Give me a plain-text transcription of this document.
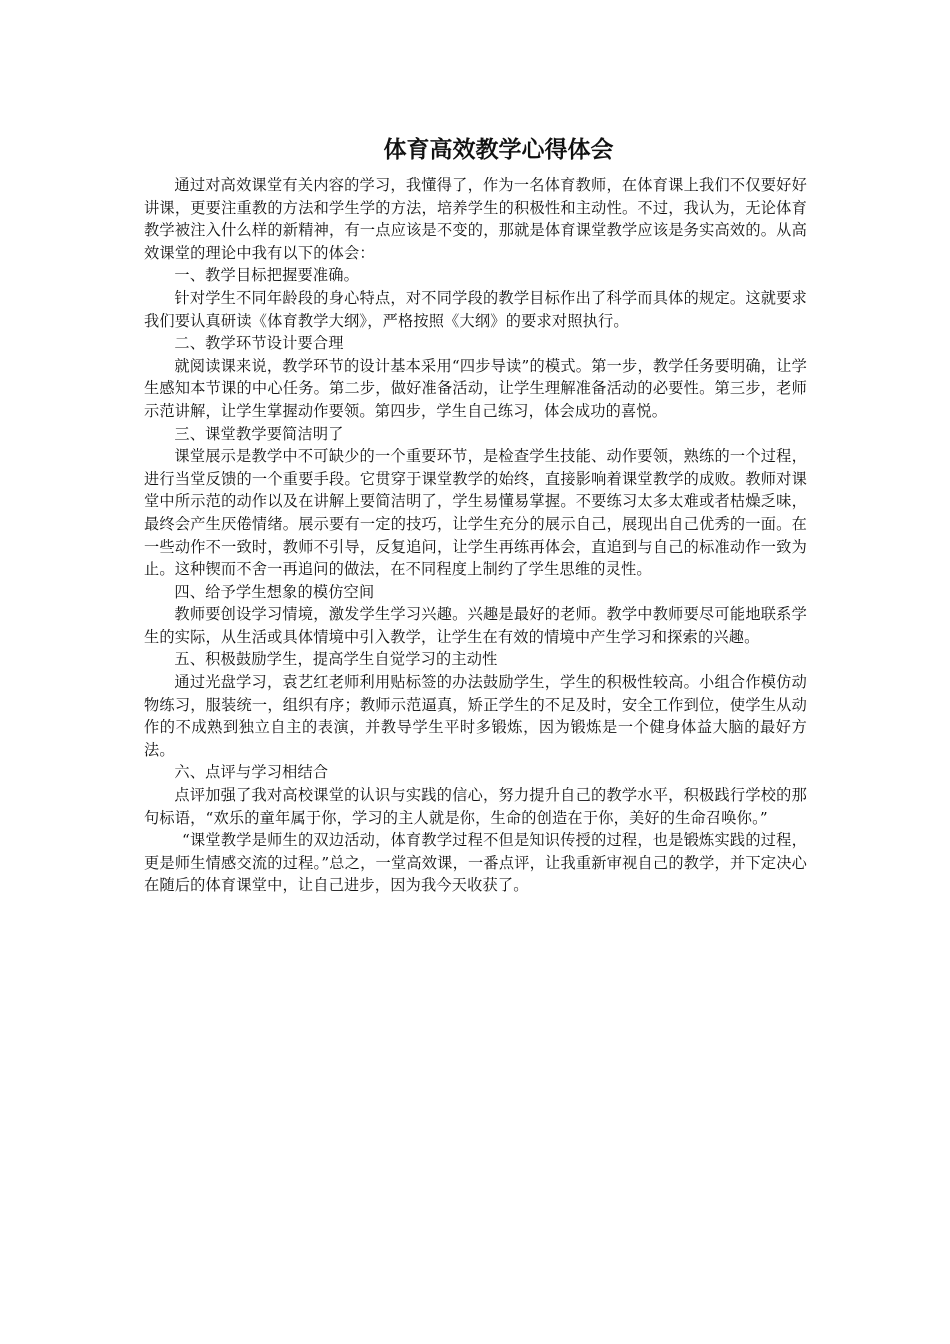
体育高效教学心得体会

通过对高效课堂有关内容的学习，我懂得了，作为一名体育教师，在体育课上我们不仅要好好讲课，更要注重教的方法和学生学的方法，培养学生的积极性和主动性。不过，我认为，无论体育教学被注入什么样的新精神，有一点应该是不变的，那就是体育课堂教学应该是务实高效的。从高效课堂的理论中我有以下的体会：

一、教学目标把握要准确。

针对学生不同年龄段的身心特点，对不同学段的教学目标作出了科学而具体的规定。这就要求我们要认真研读《体育教学大纲》，严格按照《大纲》的要求对照执行。

二、教学环节设计要合理

就阅读课来说，教学环节的设计基本采用“四步导读”的模式。第一步，教学任务要明确，让学生感知本节课的中心任务。第二步，做好准备活动，让学生理解准备活动的必要性。第三步，老师示范讲解，让学生掌握动作要领。第四步，学生自己练习，体会成功的喜悦。

三、课堂教学要简洁明了

课堂展示是教学中不可缺少的一个重要环节，是检查学生技能、动作要领，熟练的一个过程，进行当堂反馈的一个重要手段。它贯穿于课堂教学的始终，直接影响着课堂教学的成败。教师对课堂中所示范的动作以及在讲解上要简洁明了，学生易懂易掌握。不要练习太多太难或者枯燥乏味，最终会产生厌倦情绪。展示要有一定的技巧，让学生充分的展示自己，展现出自己优秀的一面。在一些动作不一致时，教师不引导，反复追问，让学生再练再体会，直追到与自己的标准动作一致为止。这种锲而不舍一再追问的做法，在不同程度上制约了学生思维的灵性。

四、给予学生想象的模仿空间

教师要创设学习情境，激发学生学习兴趣。兴趣是最好的老师。教学中教师要尽可能地联系学生的实际，从生活或具体情境中引入教学，让学生在有效的情境中产生学习和探索的兴趣。

五、积极鼓励学生，提高学生自觉学习的主动性

通过光盘学习，袁艺红老师利用贴标签的办法鼓励学生，学生的积极性较高。小组合作模仿动物练习，服装统一，组织有序；教师示范逼真，矫正学生的不足及时，安全工作到位，使学生从动作的不成熟到独立自主的表演，并教导学生平时多锻炼，因为锻炼是一个健身体益大脑的最好方法。

六、点评与学习相结合

点评加强了我对高校课堂的认识与实践的信心，努力提升自己的教学水平，积极践行学校的那句标语，“欢乐的童年属于你，学习的主人就是你，生命的创造在于你，美好的生命召唤你。”

“课堂教学是师生的双边活动，体育教学过程不但是知识传授的过程，也是锻炼实践的过程，更是师生情感交流的过程。”总之，一堂高效课，一番点评，让我重新审视自己的教学，并下定决心在随后的体育课堂中，让自己进步，因为我今天收获了。
